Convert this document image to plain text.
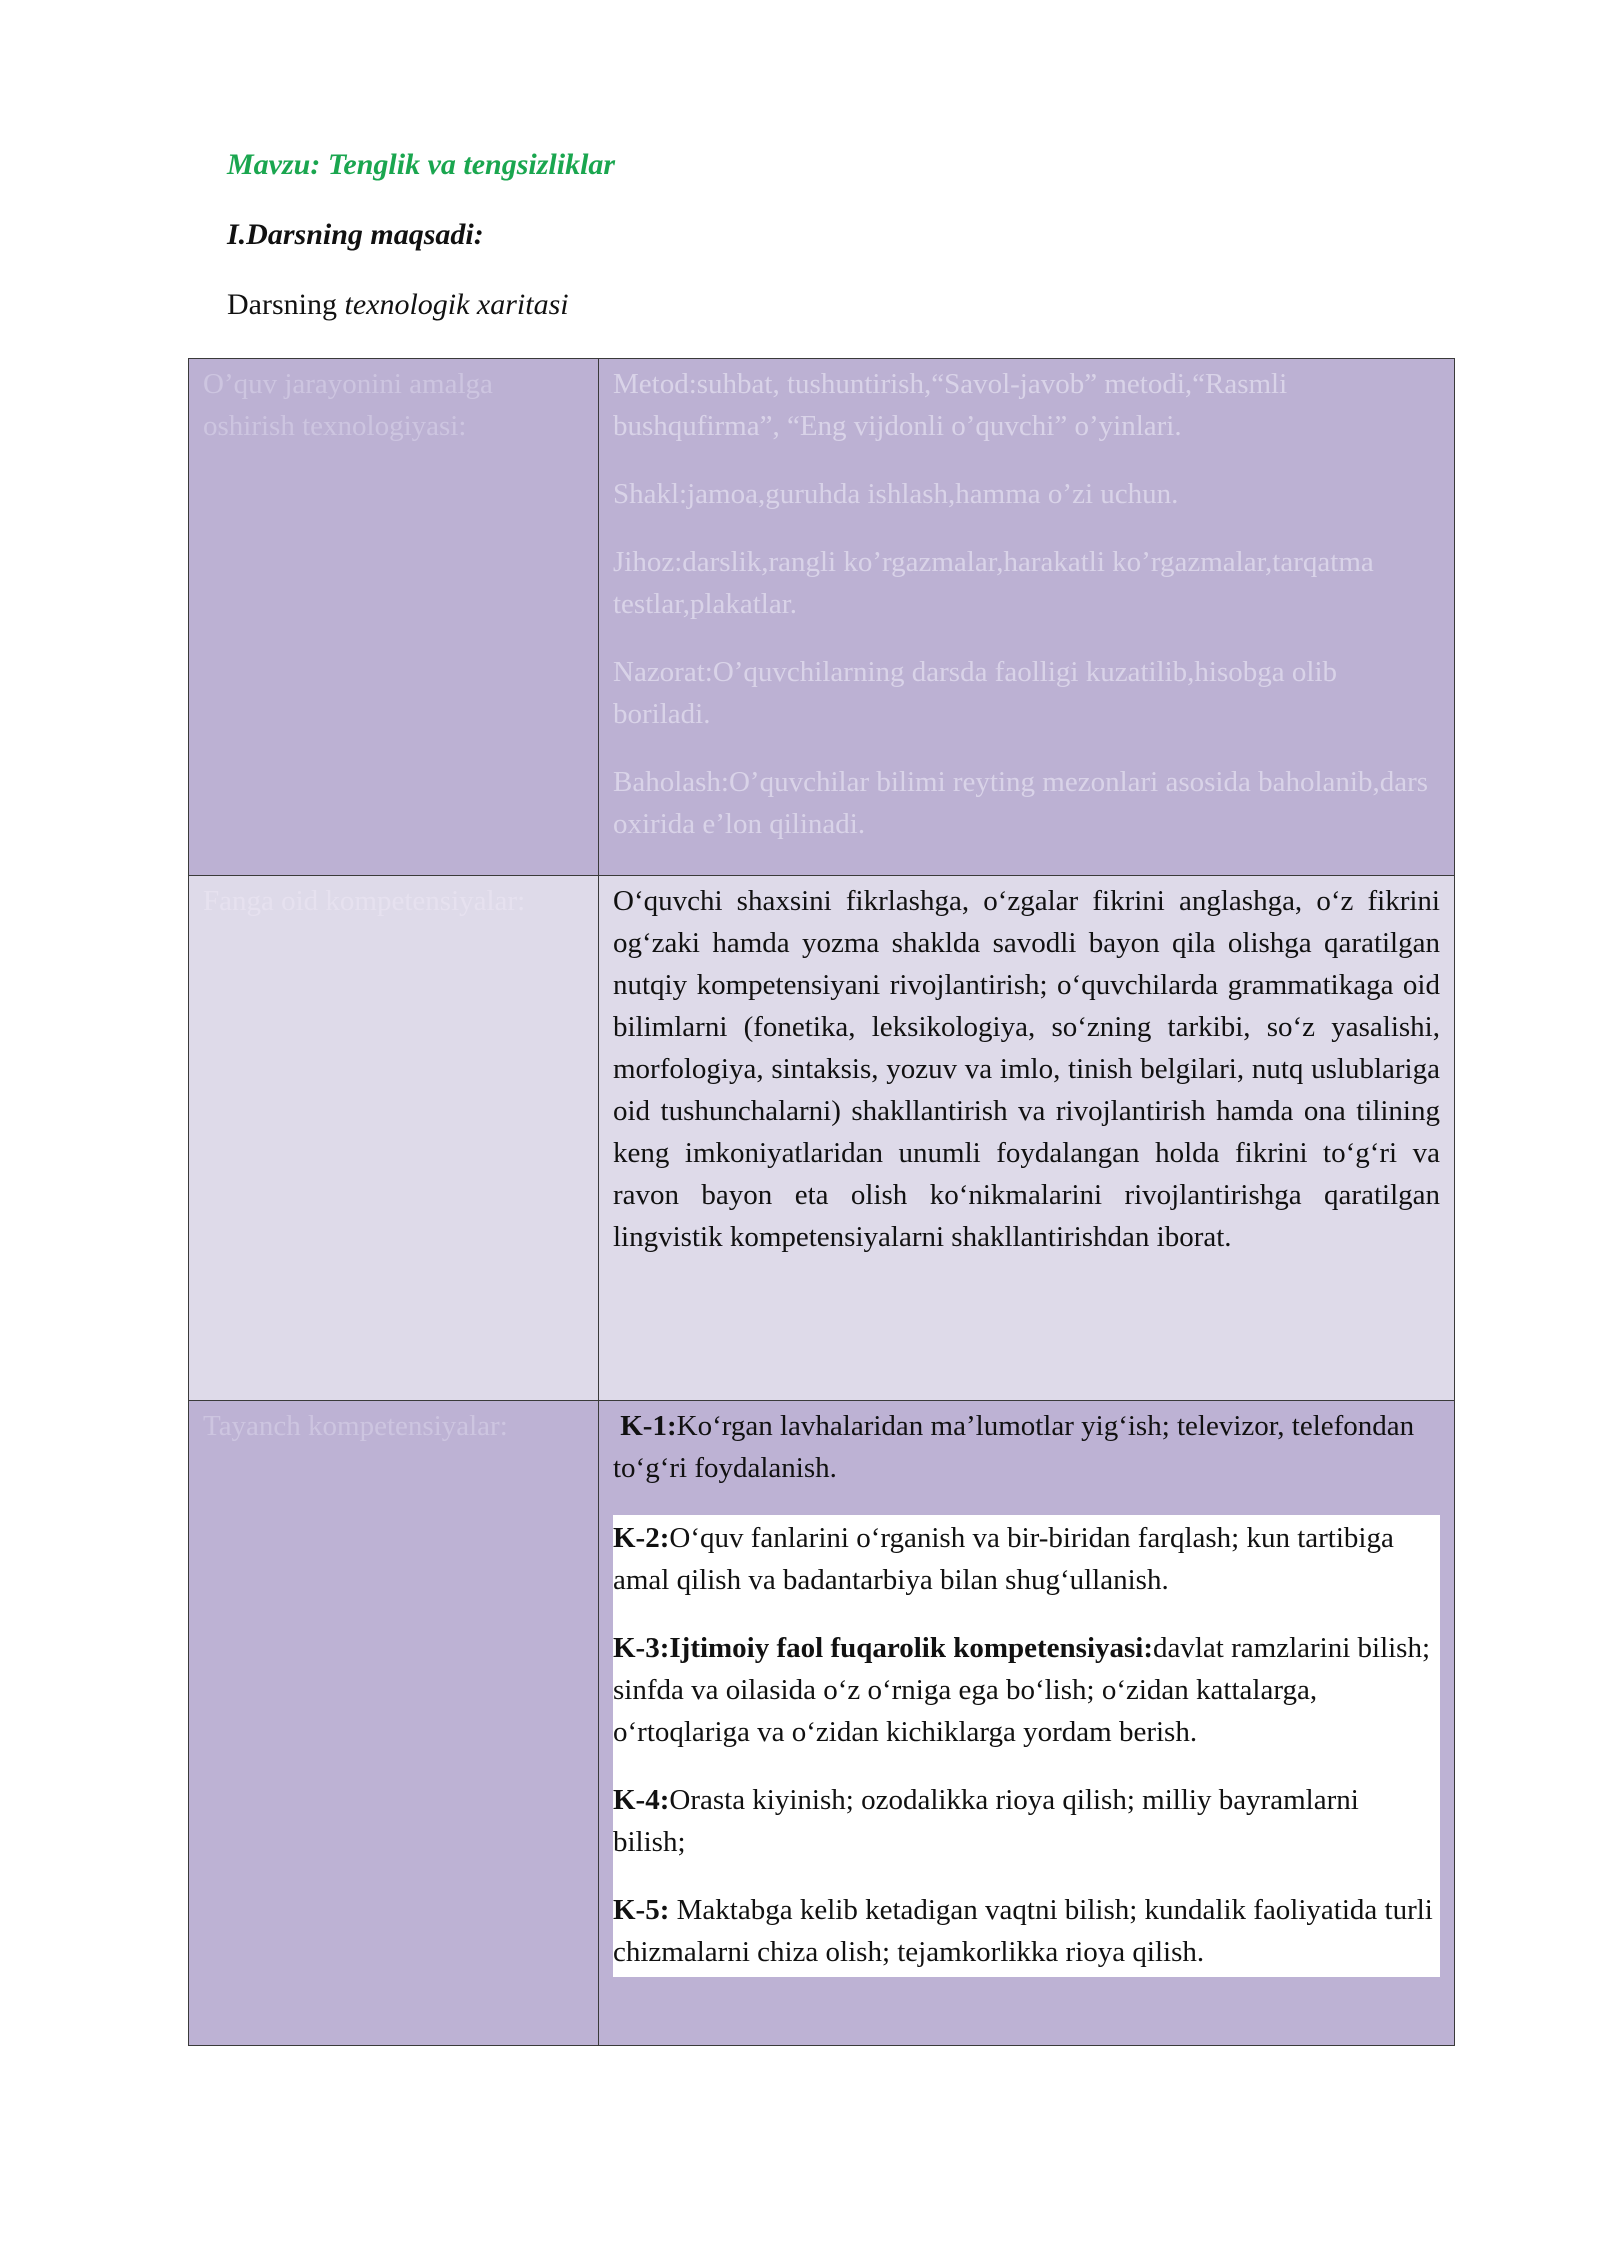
Mavzu: Tenglik va tengsizliklar

I.Darsning maqsadi:

Darsning texnologik xaritasi

O’quv jarayonini amalga oshirish texnologiyasi:	Metod:suhbat, tushuntirish,“Savol-javob” metodi,“Rasmli bushqufirma”, “Eng vijdonli o’quvchi” o’yinlari.

Shakl:jamoa,guruhda ishlash,hamma o’zi uchun.

Jihoz:darslik,rangli ko’rgazmalar,harakatli ko’rgazmalar,tarqatma testlar,plakatlar.

Nazorat:O’quvchilarning darsda faolligi kuzatilib,hisobga olib boriladi.

Baholash:O’quvchilar bilimi reyting mezonlari asosida baholanib,dars oxirida e’lon qilinadi.

Fanga oid kompetensiyalar:	O‘quvchi shaxsini fikrlashga, o‘zgalar fikrini anglashga, o‘z fikrini og‘zaki hamda yozma shaklda savodli bayon qila olishga qaratilgan nutqiy kompetensiyani rivojlantirish; o‘quvchilarda grammatikaga oid bilimlarni (fonetika, leksikologiya, so‘zning tarkibi, so‘z yasalishi, morfologiya, sintaksis, yozuv va imlo, tinish belgilari, nutq uslublariga oid tushunchalarni) shakllantirish va rivojlantirish hamda ona tilining keng imkoniyatlaridan unumli foydalangan holda fikrini to‘g‘ri va ravon bayon eta olish ko‘nikmalarini rivojlantirishga qaratilgan lingvistik kompetensiyalarni shakllantirishdan iborat.

Tayanch kompetensiyalar:	K-1:Ko‘rgan lavhalaridan ma’lumotlar yig‘ish; televizor, telefondan to‘g‘ri foydalanish.

K-2:O‘quv fanlarini o‘rganish va bir-biridan farqlash; kun tartibiga amal qilish va badantarbiya bilan shug‘ullanish.

K-3:Ijtimoiy faol fuqarolik kompetensiyasi:davlat ramzlarini bilish; sinfda va oilasida o‘z o‘rniga ega bo‘lish; o‘zidan kattalarga, o‘rtoqlariga va o‘zidan kichiklarga yordam berish.

K-4:Orasta kiyinish; ozodalikka rioya qilish; milliy bayramlarni bilish;

K-5: Maktabga kelib ketadigan vaqtni bilish; kundalik faoliyatida turli chizmalarni chiza olish; tejamkorlikka rioya qilish.
